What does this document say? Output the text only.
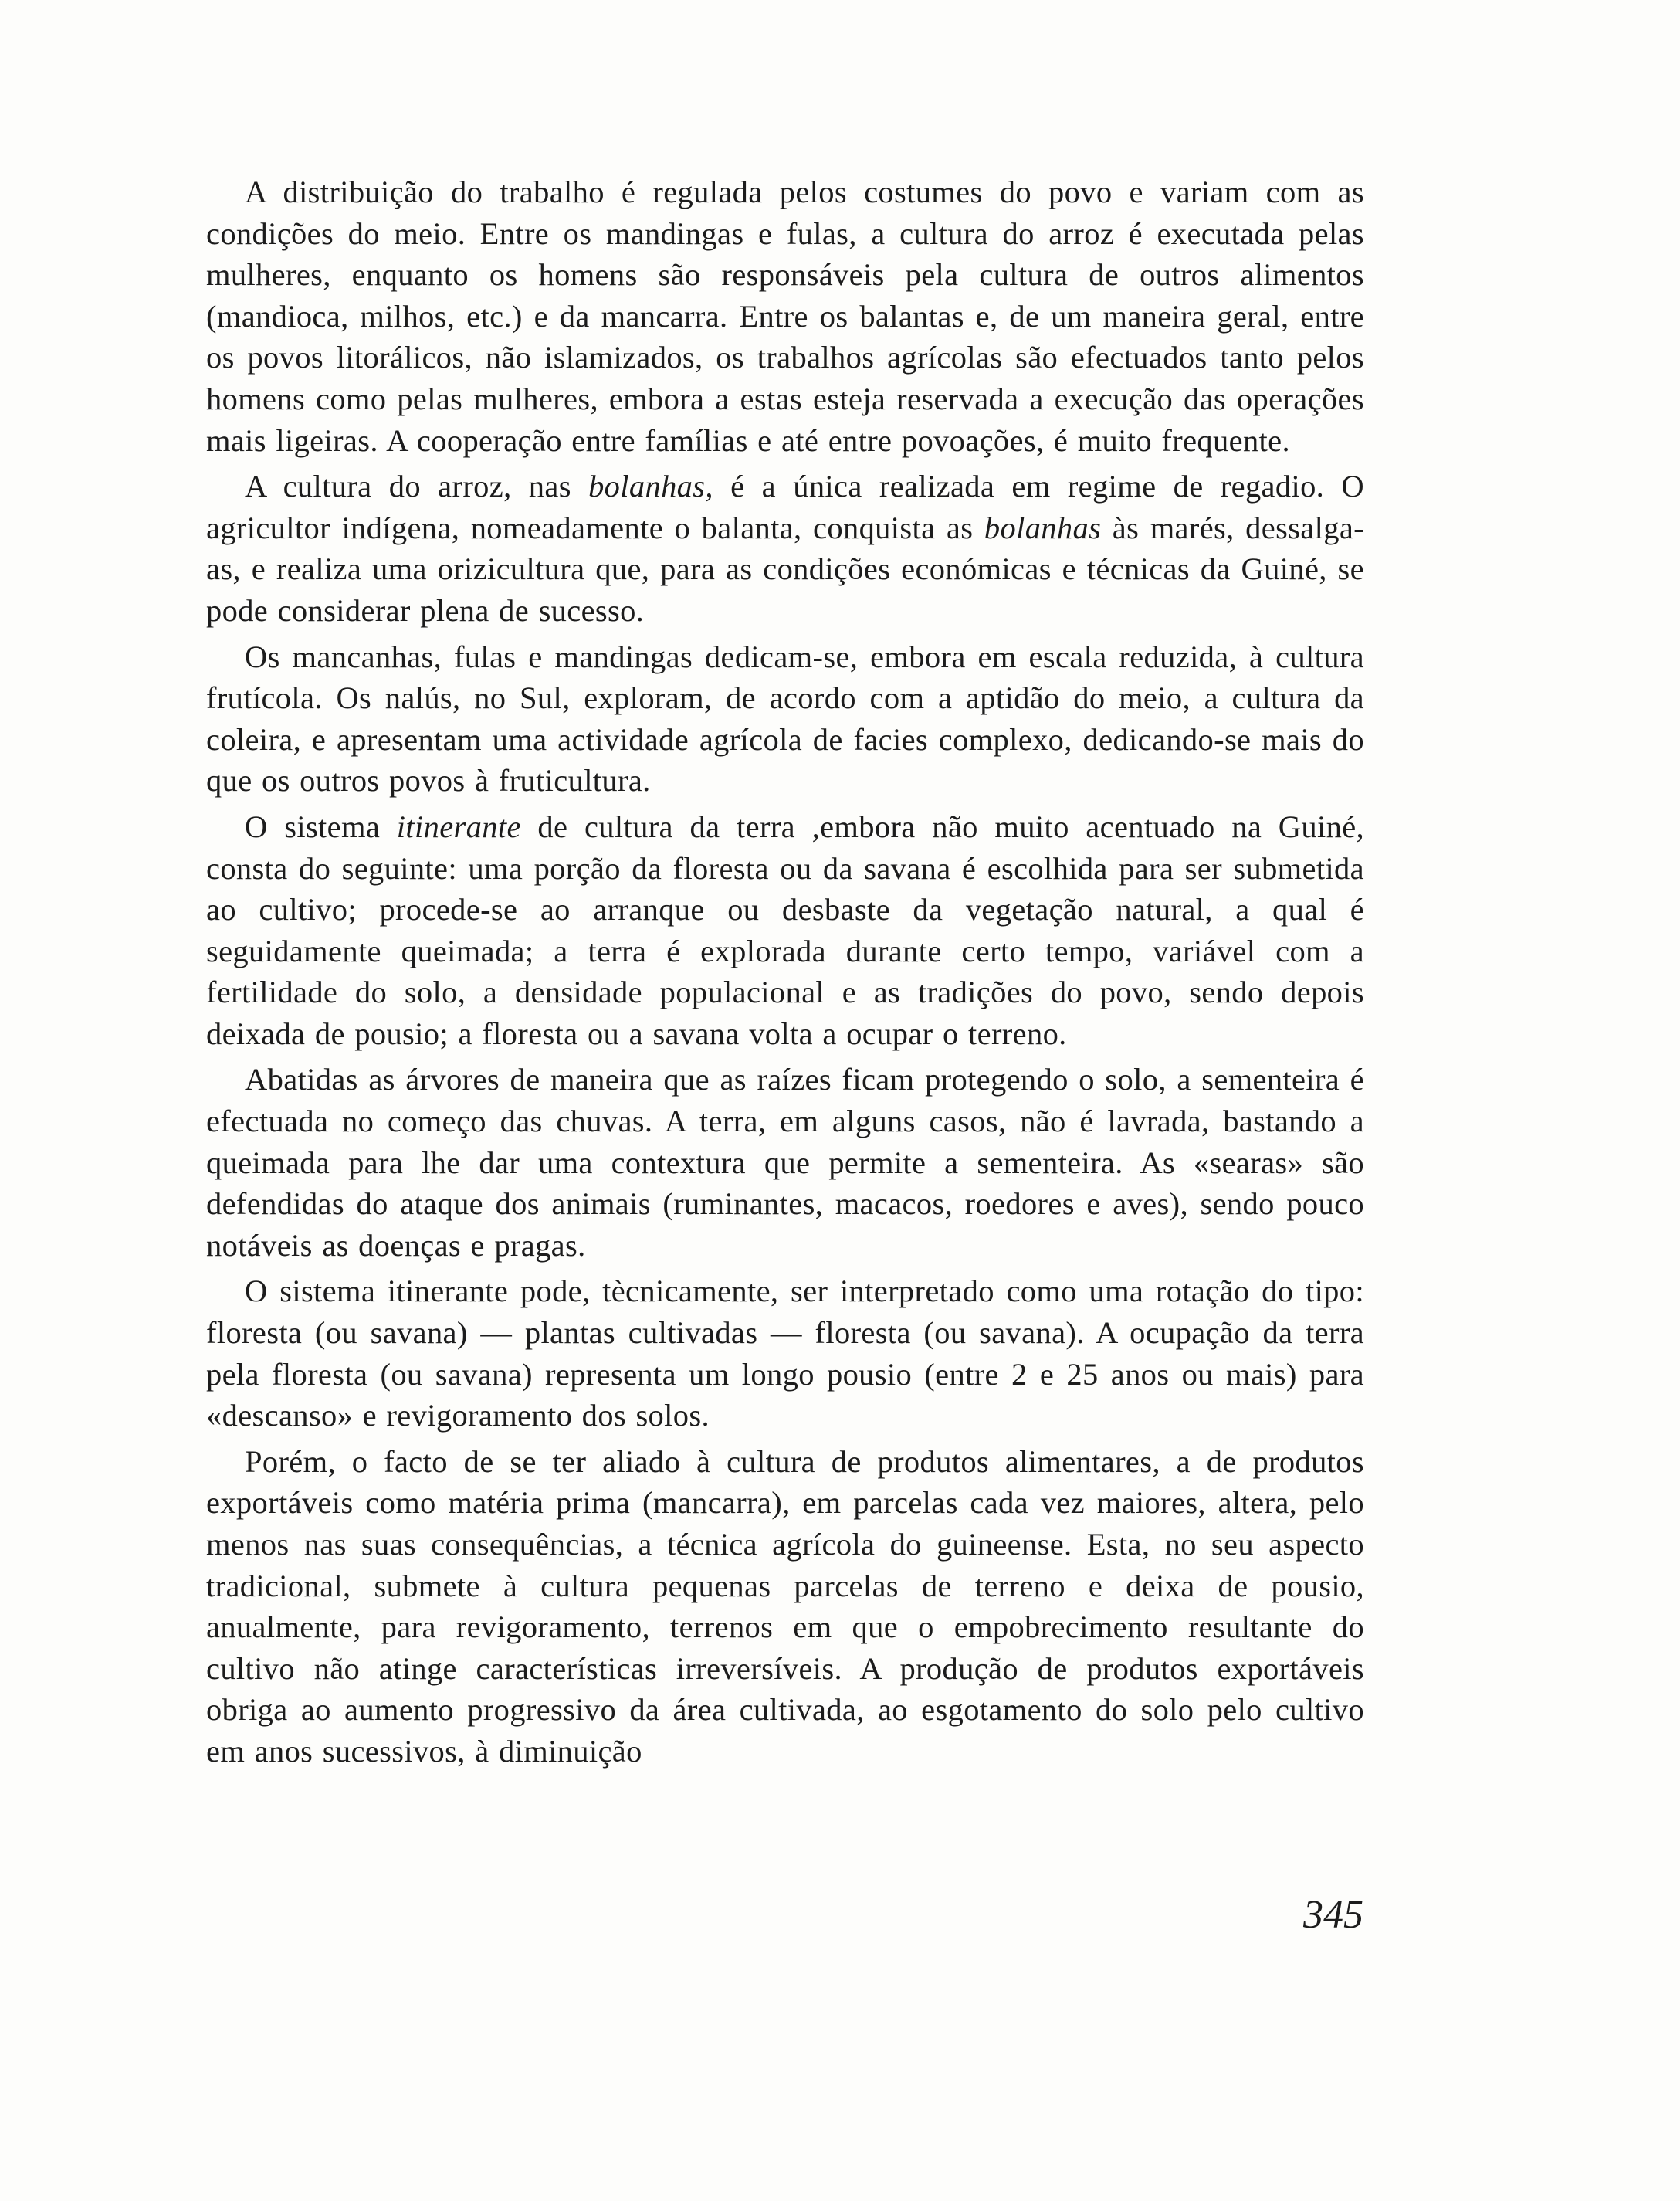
A distribuição do trabalho é regulada pelos costumes do povo e variam com as condições do meio. Entre os mandingas e fulas, a cultura do arroz é executada pelas mulheres, enquanto os homens são responsáveis pela cultura de outros alimentos (mandioca, milhos, etc.) e da mancarra. Entre os balantas e, de um maneira geral, entre os povos litorálicos, não islamizados, os trabalhos agrícolas são efectuados tanto pelos homens como pelas mulheres, embora a estas esteja reservada a execução das operações mais ligeiras. A cooperação entre famílias e até entre povoações, é muito frequente.

A cultura do arroz, nas bolanhas, é a única realizada em regime de regadio. O agricultor indígena, nomeadamente o balanta, conquista as bolanhas às marés, dessalga-as, e realiza uma orizicultura que, para as condições económicas e técnicas da Guiné, se pode considerar plena de sucesso.

Os mancanhas, fulas e mandingas dedicam-se, embora em escala reduzida, à cultura frutícola. Os nalús, no Sul, exploram, de acordo com a aptidão do meio, a cultura da coleira, e apresentam uma actividade agrícola de facies complexo, dedicando-se mais do que os outros povos à fruticultura.

O sistema itinerante de cultura da terra ,embora não muito acentuado na Guiné, consta do seguinte: uma porção da floresta ou da savana é escolhida para ser submetida ao cultivo; procede-se ao arranque ou desbaste da vegetação natural, a qual é seguidamente queimada; a terra é explorada durante certo tempo, variável com a fertilidade do solo, a densidade populacional e as tradições do povo, sendo depois deixada de pousio; a floresta ou a savana volta a ocupar o terreno.

Abatidas as árvores de maneira que as raízes ficam protegendo o solo, a sementeira é efectuada no começo das chuvas. A terra, em alguns casos, não é lavrada, bastando a queimada para lhe dar uma contextura que permite a sementeira. As «searas» são defendidas do ataque dos animais (ruminantes, macacos, roedores e aves), sendo pouco notáveis as doenças e pragas.

O sistema itinerante pode, tècnicamente, ser interpretado como uma rotação do tipo: floresta (ou savana) — plantas cultivadas — floresta (ou savana). A ocupação da terra pela floresta (ou savana) representa um longo pousio (entre 2 e 25 anos ou mais) para «descanso» e revigoramento dos solos.

Porém, o facto de se ter aliado à cultura de produtos alimentares, a de produtos exportáveis como matéria prima (mancarra), em parcelas cada vez maiores, altera, pelo menos nas suas consequências, a técnica agrícola do guineense. Esta, no seu aspecto tradicional, submete à cultura pequenas parcelas de terreno e deixa de pousio, anualmente, para revigoramento, terrenos em que o empobrecimento resultante do cultivo não atinge características irreversíveis. A produção de produtos exportáveis obriga ao aumento progressivo da área cultivada, ao esgotamento do solo pelo cultivo em anos sucessivos, à diminuição

345
